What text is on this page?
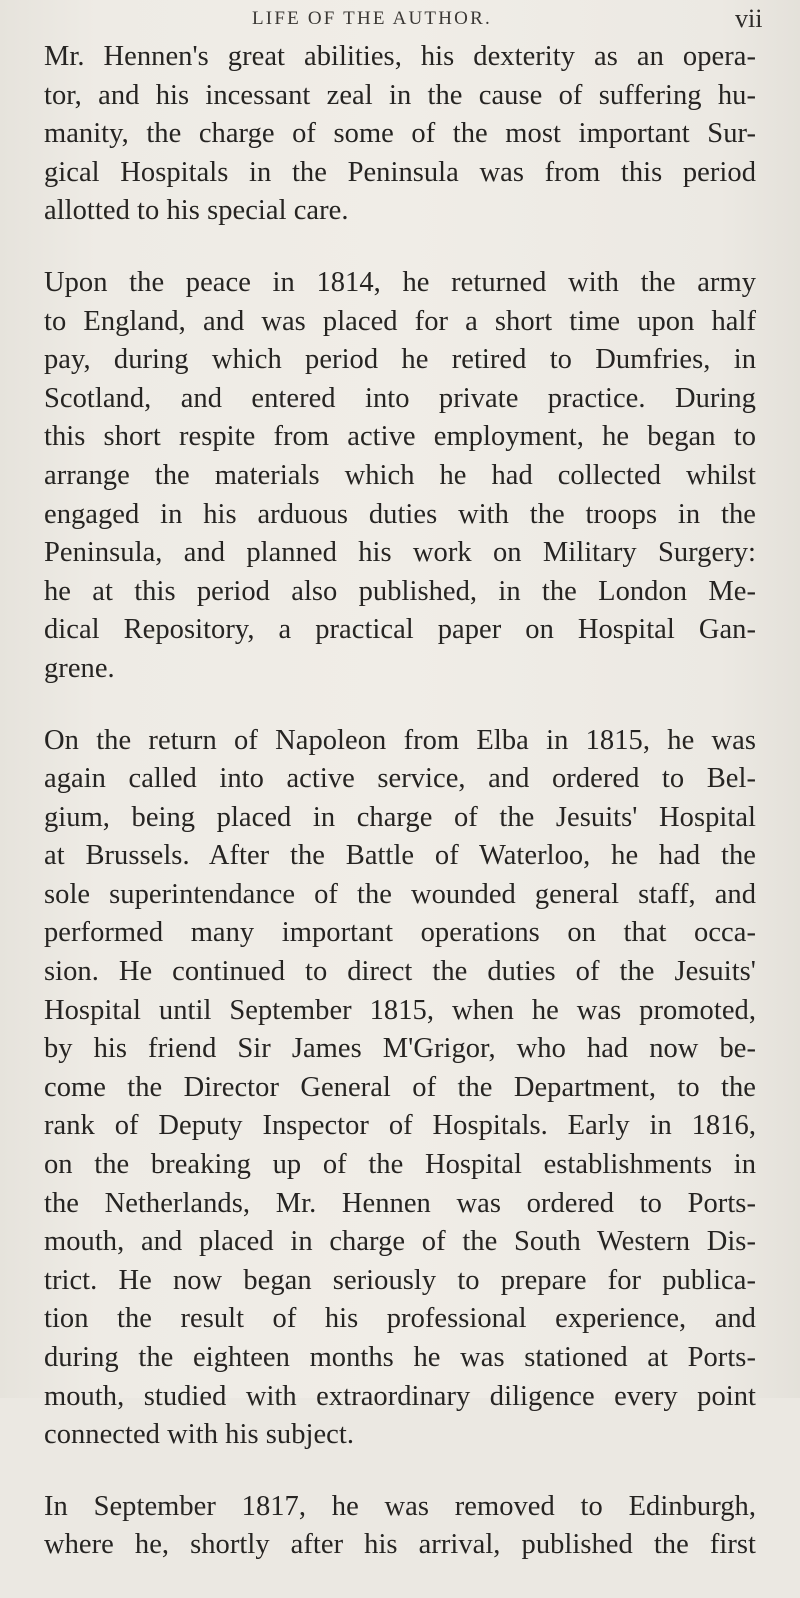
LIFE OF THE AUTHOR.	vii
Mr. Hennen's great abilities, his dexterity as an opera-
tor, and his incessant zeal in the cause of suffering hu-
manity, the charge of some of the most important Sur-
gical Hospitals in the Peninsula was from this period
allotted to his special care.
Upon the peace in 1814, he returned with the army
to England, and was placed for a short time upon half
pay, during which period he retired to Dumfries, in
Scotland, and entered into private practice. During
this short respite from active employment, he began to
arrange the materials which he had collected whilst
engaged in his arduous duties with the troops in the
Peninsula, and planned his work on Military Surgery:
he at this period also published, in the London Me-
dical Repository, a practical paper on Hospital Gan-
grene.
On the return of Napoleon from Elba in 1815, he was
again called into active service, and ordered to Bel-
gium, being placed in charge of the Jesuits' Hospital
at Brussels. After the Battle of Waterloo, he had the
sole superintendance of the wounded general staff, and
performed many important operations on that occa-
sion. He continued to direct the duties of the Jesuits'
Hospital until September 1815, when he was promoted,
by his friend Sir James M'Grigor, who had now be-
come the Director General of the Department, to the
rank of Deputy Inspector of Hospitals. Early in 1816,
on the breaking up of the Hospital establishments in
the Netherlands, Mr. Hennen was ordered to Ports-
mouth, and placed in charge of the South Western Dis-
trict. He now began seriously to prepare for publica-
tion the result of his professional experience, and
during the eighteen months he was stationed at Ports-
mouth, studied with extraordinary diligence every point
connected with his subject.
In September 1817, he was removed to Edinburgh,
where he, shortly after his arrival, published the first
